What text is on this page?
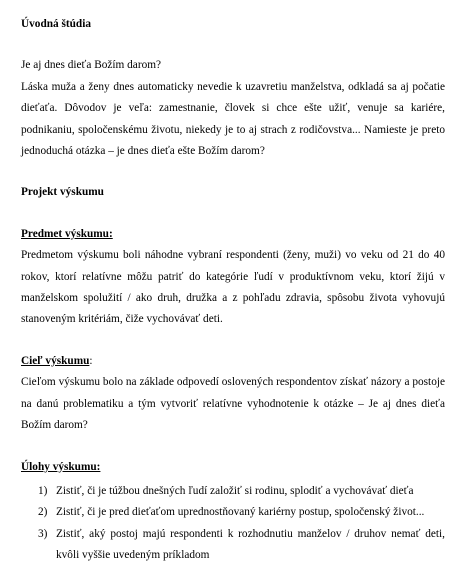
Úvodná štúdia
Je aj dnes dieťa Božím darom?
Láska muža a ženy dnes automaticky nevedie k uzavretiu manželstva, odkladá sa aj počatie dieťaťa. Dôvodov je veľa: zamestnanie, človek si chce ešte užiť, venuje sa kariére, podnikaniu, spoločenskému životu, niekedy je to aj strach z rodičovstva... Namieste je preto jednoduchá otázka – je dnes dieťa ešte Božím darom?
Projekt výskumu
Predmet výskumu:
Predmetom výskumu boli náhodne vybraní respondenti (ženy, muži) vo veku od 21 do 40 rokov, ktorí relatívne môžu patriť do kategórie ľudí v produktívnom veku, ktorí žijú v manželskom spolužití / ako druh, družka a z pohľadu zdravia, spôsobu života vyhovujú stanoveným kritériám, čiže vychovávať deti.
Cieľ výskumu:
Cieľom výskumu bolo na základe odpovedí oslovených respondentov získať názory a postoje na danú problematiku a tým vytvoriť relatívne vyhodnotenie k otázke – Je aj dnes dieťa Božím darom?
Úlohy výskumu:
1) Zistiť, či je túžbou dnešných ľudí založiť si rodinu, splodiť a vychovávať dieťa
2) Zistiť, či je pred dieťaťom uprednostňovaný kariérny postup, spoločenský život...
3) Zistiť, aký postoj majú respondenti k rozhodnutiu manželov / druhov nemať deti, kvôli vyššie uvedeným príkladom
